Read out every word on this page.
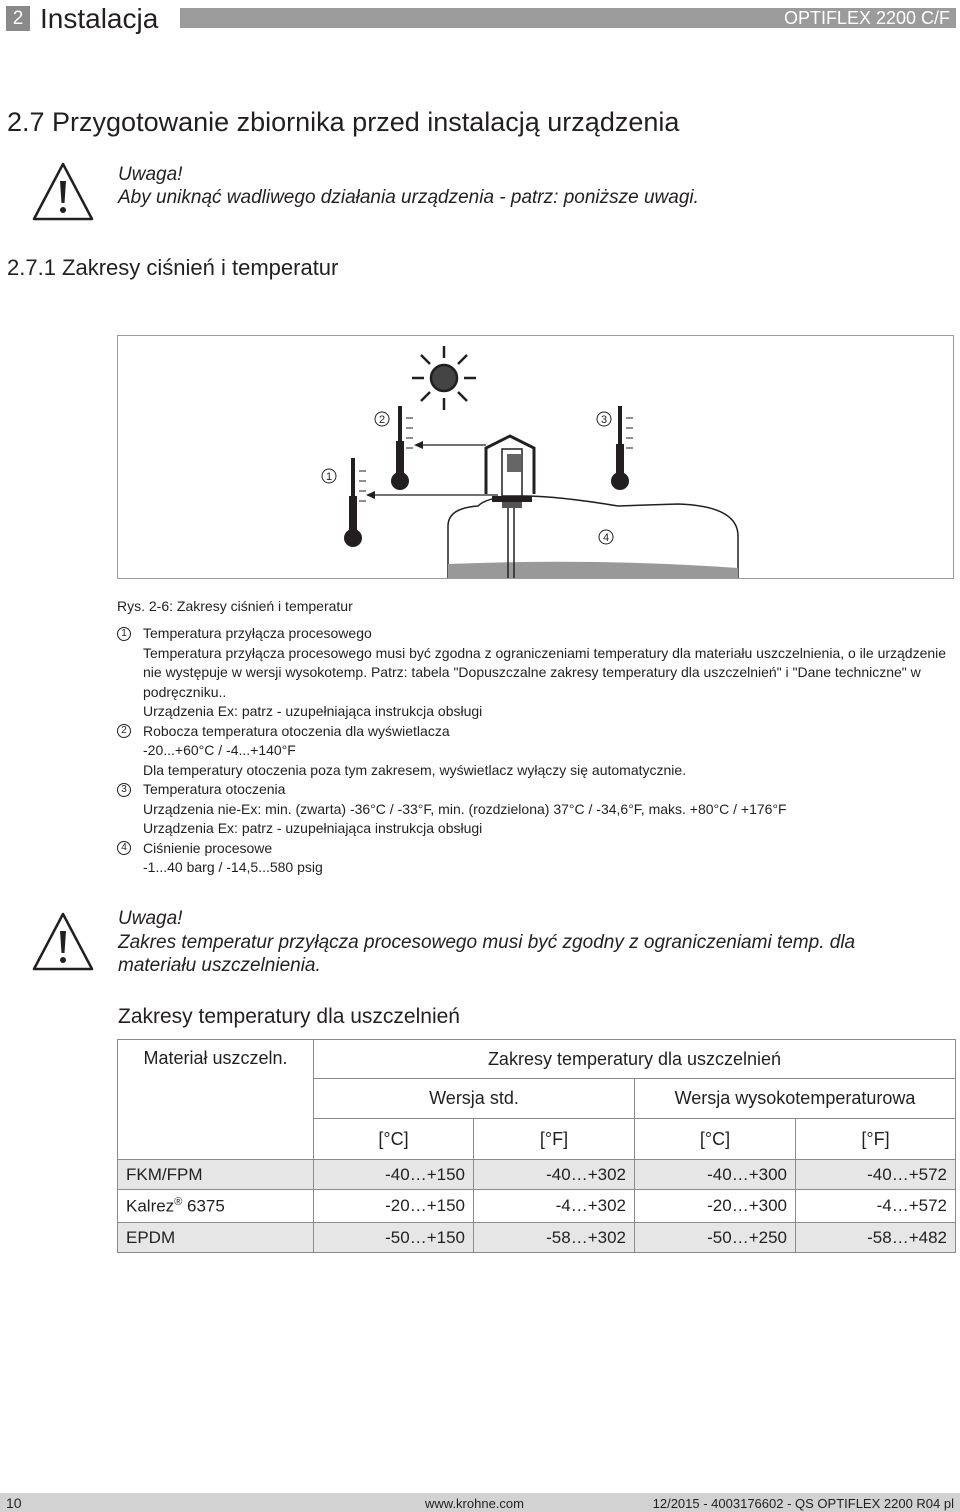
2 Instalacja	OPTIFLEX 2200 C/F
2.7 Przygotowanie zbiornika przed instalacją urządzenia
Uwaga!
Aby uniknąć wadliwego działania urządzenia - patrz: poniższe uwagi.
2.7.1 Zakresy ciśnień i temperatur
1
2	3
4
Rys. 2-6: Zakresy ciśnień i temperatur
1	Temperatura przyłącza procesowego
Temperatura przyłącza procesowego musi być zgodna z ograniczeniami temperatury dla materiału uszczelnienia, o ile urządzenie nie występuje w wersji wysokotemp. Patrz: tabela "Dopuszczalne zakresy temperatury dla uszczelnień" i "Dane techniczne" w podręczniku..
Urządzenia Ex: patrz - uzupełniająca instrukcja obsługi
2	Robocza temperatura otoczenia dla wyświetlacza
-20...+60°C / -4...+140°F
Dla temperatury otoczenia poza tym zakresem, wyświetlacz wyłączy się automatycznie.
3	Temperatura otoczenia
Urządzenia nie-Ex: min. (zwarta) -36°C / -33°F, min. (rozdzielona) 37°C / -34,6°F, maks. +80°C / +176°F
Urządzenia Ex: patrz - uzupełniająca instrukcja obsługi
4	Ciśnienie procesowe
-1...40 barg / -14,5...580 psig
Uwaga!
Zakres temperatur przyłącza procesowego musi być zgodny z ograniczeniami temp. dla materiału uszczelnienia.
Zakresy temperatury dla uszczelnień
Materiał uszczeln.	Zakresy temperatury dla uszczelnień			
	Wersja std.		Wersja wysokotemperaturowa	
	[°C]	[°F]	[°C]	[°F]
FKM/FPM	-40…+150	-40…+302	-40…+300	-40…+572
Kalrez® 6375	-20…+150	-4…+302	-20…+300	-4…+572
EPDM	-50…+150	-58…+302	-50…+250	-58…+482
10	www.krohne.com	12/2015 - 4003176602 - QS OPTIFLEX 2200 R04 pl
